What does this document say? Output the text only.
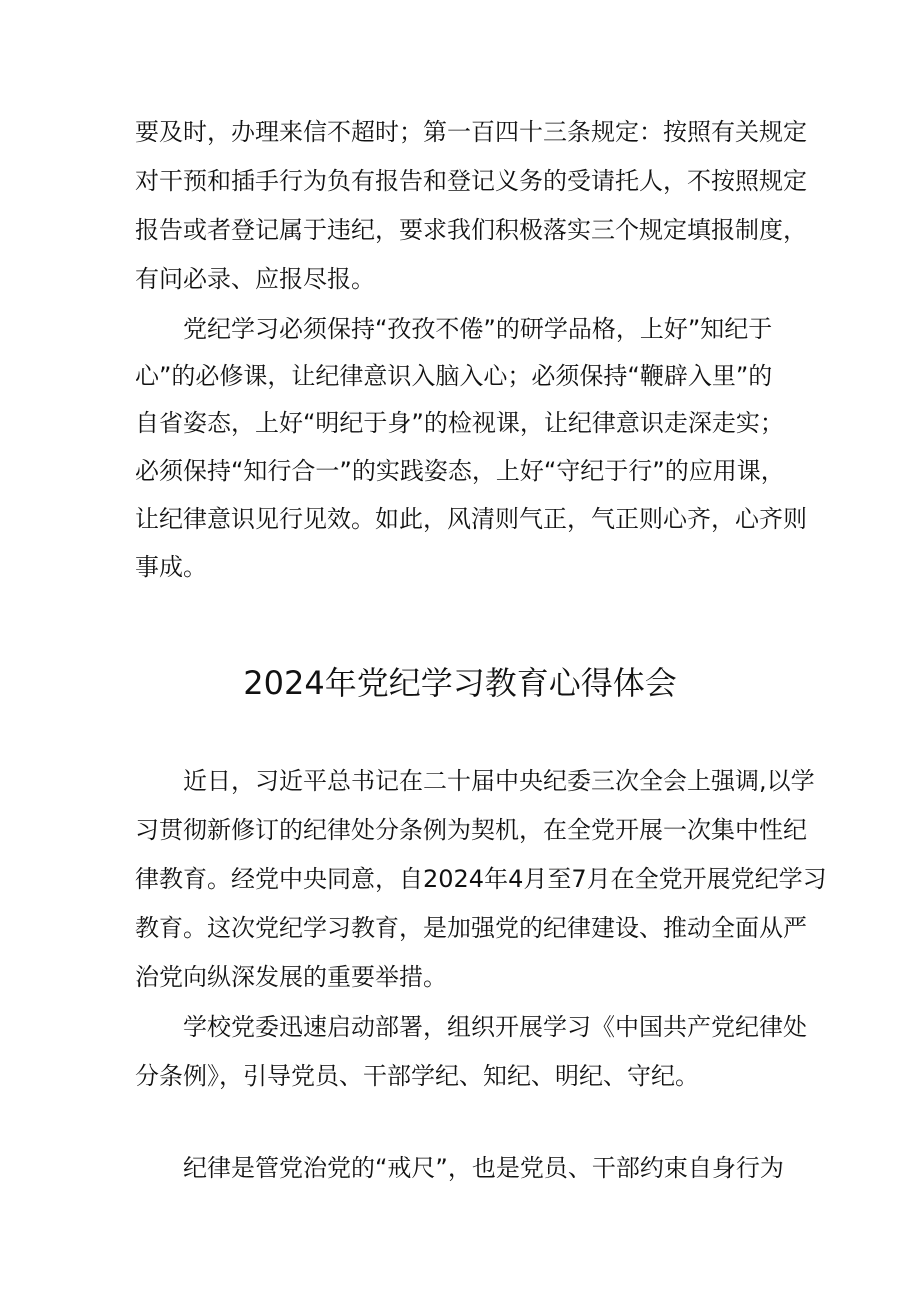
要及时，办理来信不超时；第一百四十三条规定：按照有关规定
对干预和插手行为负有报告和登记义务的受请托人，不按照规定
报告或者登记属于违纪，要求我们积极落实三个规定填报制度，
有问必录、应报尽报。
党纪学习必须保持“孜孜不倦”的研学品格，上好”知纪于
心”的必修课，让纪律意识入脑入心；必须保持“鞭辟入里”的
自省姿态，上好“明纪于身”的检视课，让纪律意识走深走实；
必须保持“知行合一”的实践姿态，上好“守纪于行”的应用课，
让纪律意识见行见效。如此，风清则气正，气正则心齐，心齐则
事成。
2024年党纪学习教育心得体会
近日，习近平总书记在二十届中央纪委三次全会上强调,以学
习贯彻新修订的纪律处分条例为契机，在全党开展一次集中性纪
律教育。经党中央同意，自2024年4月至7月在全党开展党纪学习
教育。这次党纪学习教育，是加强党的纪律建设、推动全面从严
治党向纵深发展的重要举措。
学校党委迅速启动部署，组织开展学习《中国共产党纪律处
分条例》，引导党员、干部学纪、知纪、明纪、守纪。
纪律是管党治党的“戒尺”，也是党员、干部约束自身行为
